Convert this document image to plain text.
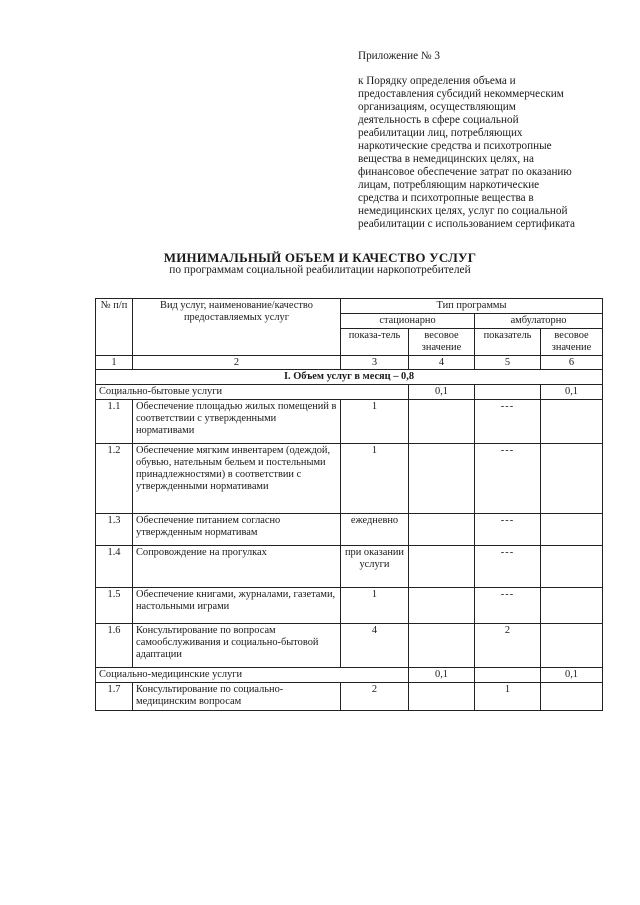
Приложение № 3
к Порядку определения объема и
предоставления субсидий некоммерческим
организациям, осуществляющим
деятельность в сфере социальной
реабилитации лиц, потребляющих
наркотические средства и психотропные
вещества в немедицинских целях, на
финансовое обеспечение затрат по оказанию
лицам, потребляющим наркотические
средства и психотропные вещества в
немедицинских целях, услуг по социальной
реабилитации с использованием сертификата
МИНИМАЛЬНЫЙ ОБЪЕМ И КАЧЕСТВО УСЛУГ
по программам социальной реабилитации наркопотребителей
№ п/п	Вид услуг, наименование/качество предоставляемых услуг	Тип программы			
		стационарно		амбулаторно	
		показа-тель	весовое значение	показатель	весовое значение
1	2	3	4	5	6
I. Объем услуг в месяц – 0,8					
Социально-бытовые услуги			0,1		0,1
1.1	Обеспечение площадью жилых помещений в соответствии с утвержденными нормативами	1		---	
1.2	Обеспечение мягким инвентарем (одеждой, обувью, нательным бельем и постельными принадлежностями) в соответствии с утвержденными нормативами	1		---	
1.3	Обеспечение питанием согласно утвержденным нормативам	ежедневно		---	
1.4	Сопровождение на прогулках	при оказании услуги		---	
1.5	Обеспечение книгами, журналами, газетами, настольными играми	1		---	
1.6	Консультирование по вопросам самообслуживания и социально-бытовой адаптации	4		2	
Социально-медицинские услуги			0,1		0,1
1.7	Консультирование по социально-медицинским вопросам	2		1	
